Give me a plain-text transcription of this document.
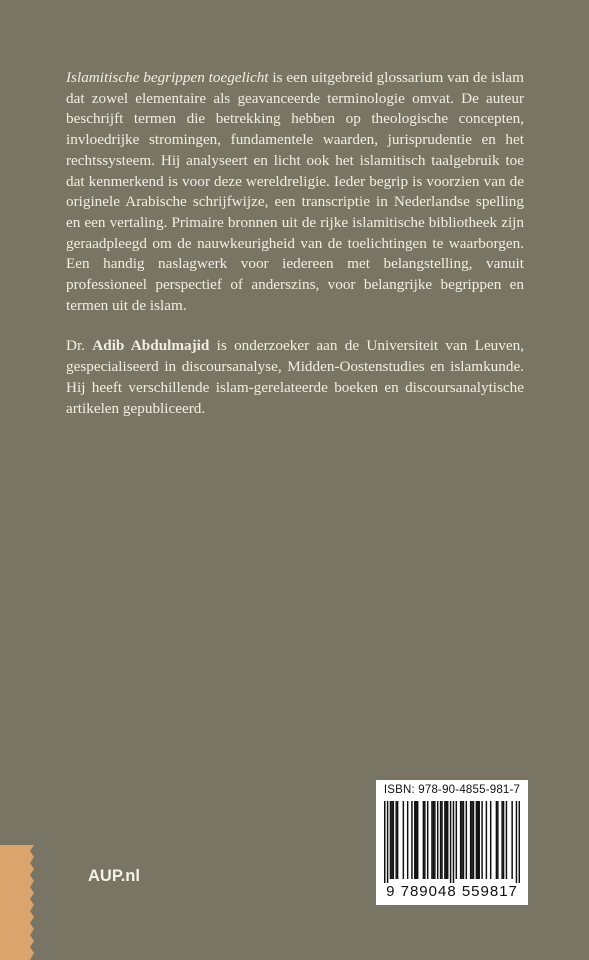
Islamitische begrippen toegelicht is een uitgebreid glossarium van de islam dat zowel elementaire als geavanceerde terminologie omvat. De auteur beschrijft termen die betrekking hebben op theologische concepten, invloedrijke stromingen, fundamentele waarden, jurisprudentie en het rechtssysteem. Hij analyseert en licht ook het islamitisch taalgebruik toe dat kenmerkend is voor deze wereldreligie. Ieder begrip is voorzien van de originele Arabische schrijfwijze, een transcriptie in Nederlandse spelling en een vertaling. Primaire bronnen uit de rijke islamitische bibliotheek zijn geraadpleegd om de nauwkeurigheid van de toelichtingen te waarborgen. Een handig naslagwerk voor iedereen met belangstelling, vanuit professioneel perspectief of anderszins, voor belangrijke begrippen en termen uit de islam.

Dr. Adib Abdulmajid is onderzoeker aan de Universiteit van Leuven, gespecialiseerd in discoursanalyse, Midden-Oostenstudies en islamkunde. Hij heeft verschillende islam-gerelateerde boeken en discoursanalytische artikelen gepubliceerd.

ISBN: 978-90-4855-981-7
9 789048 559817
AUP.nl
